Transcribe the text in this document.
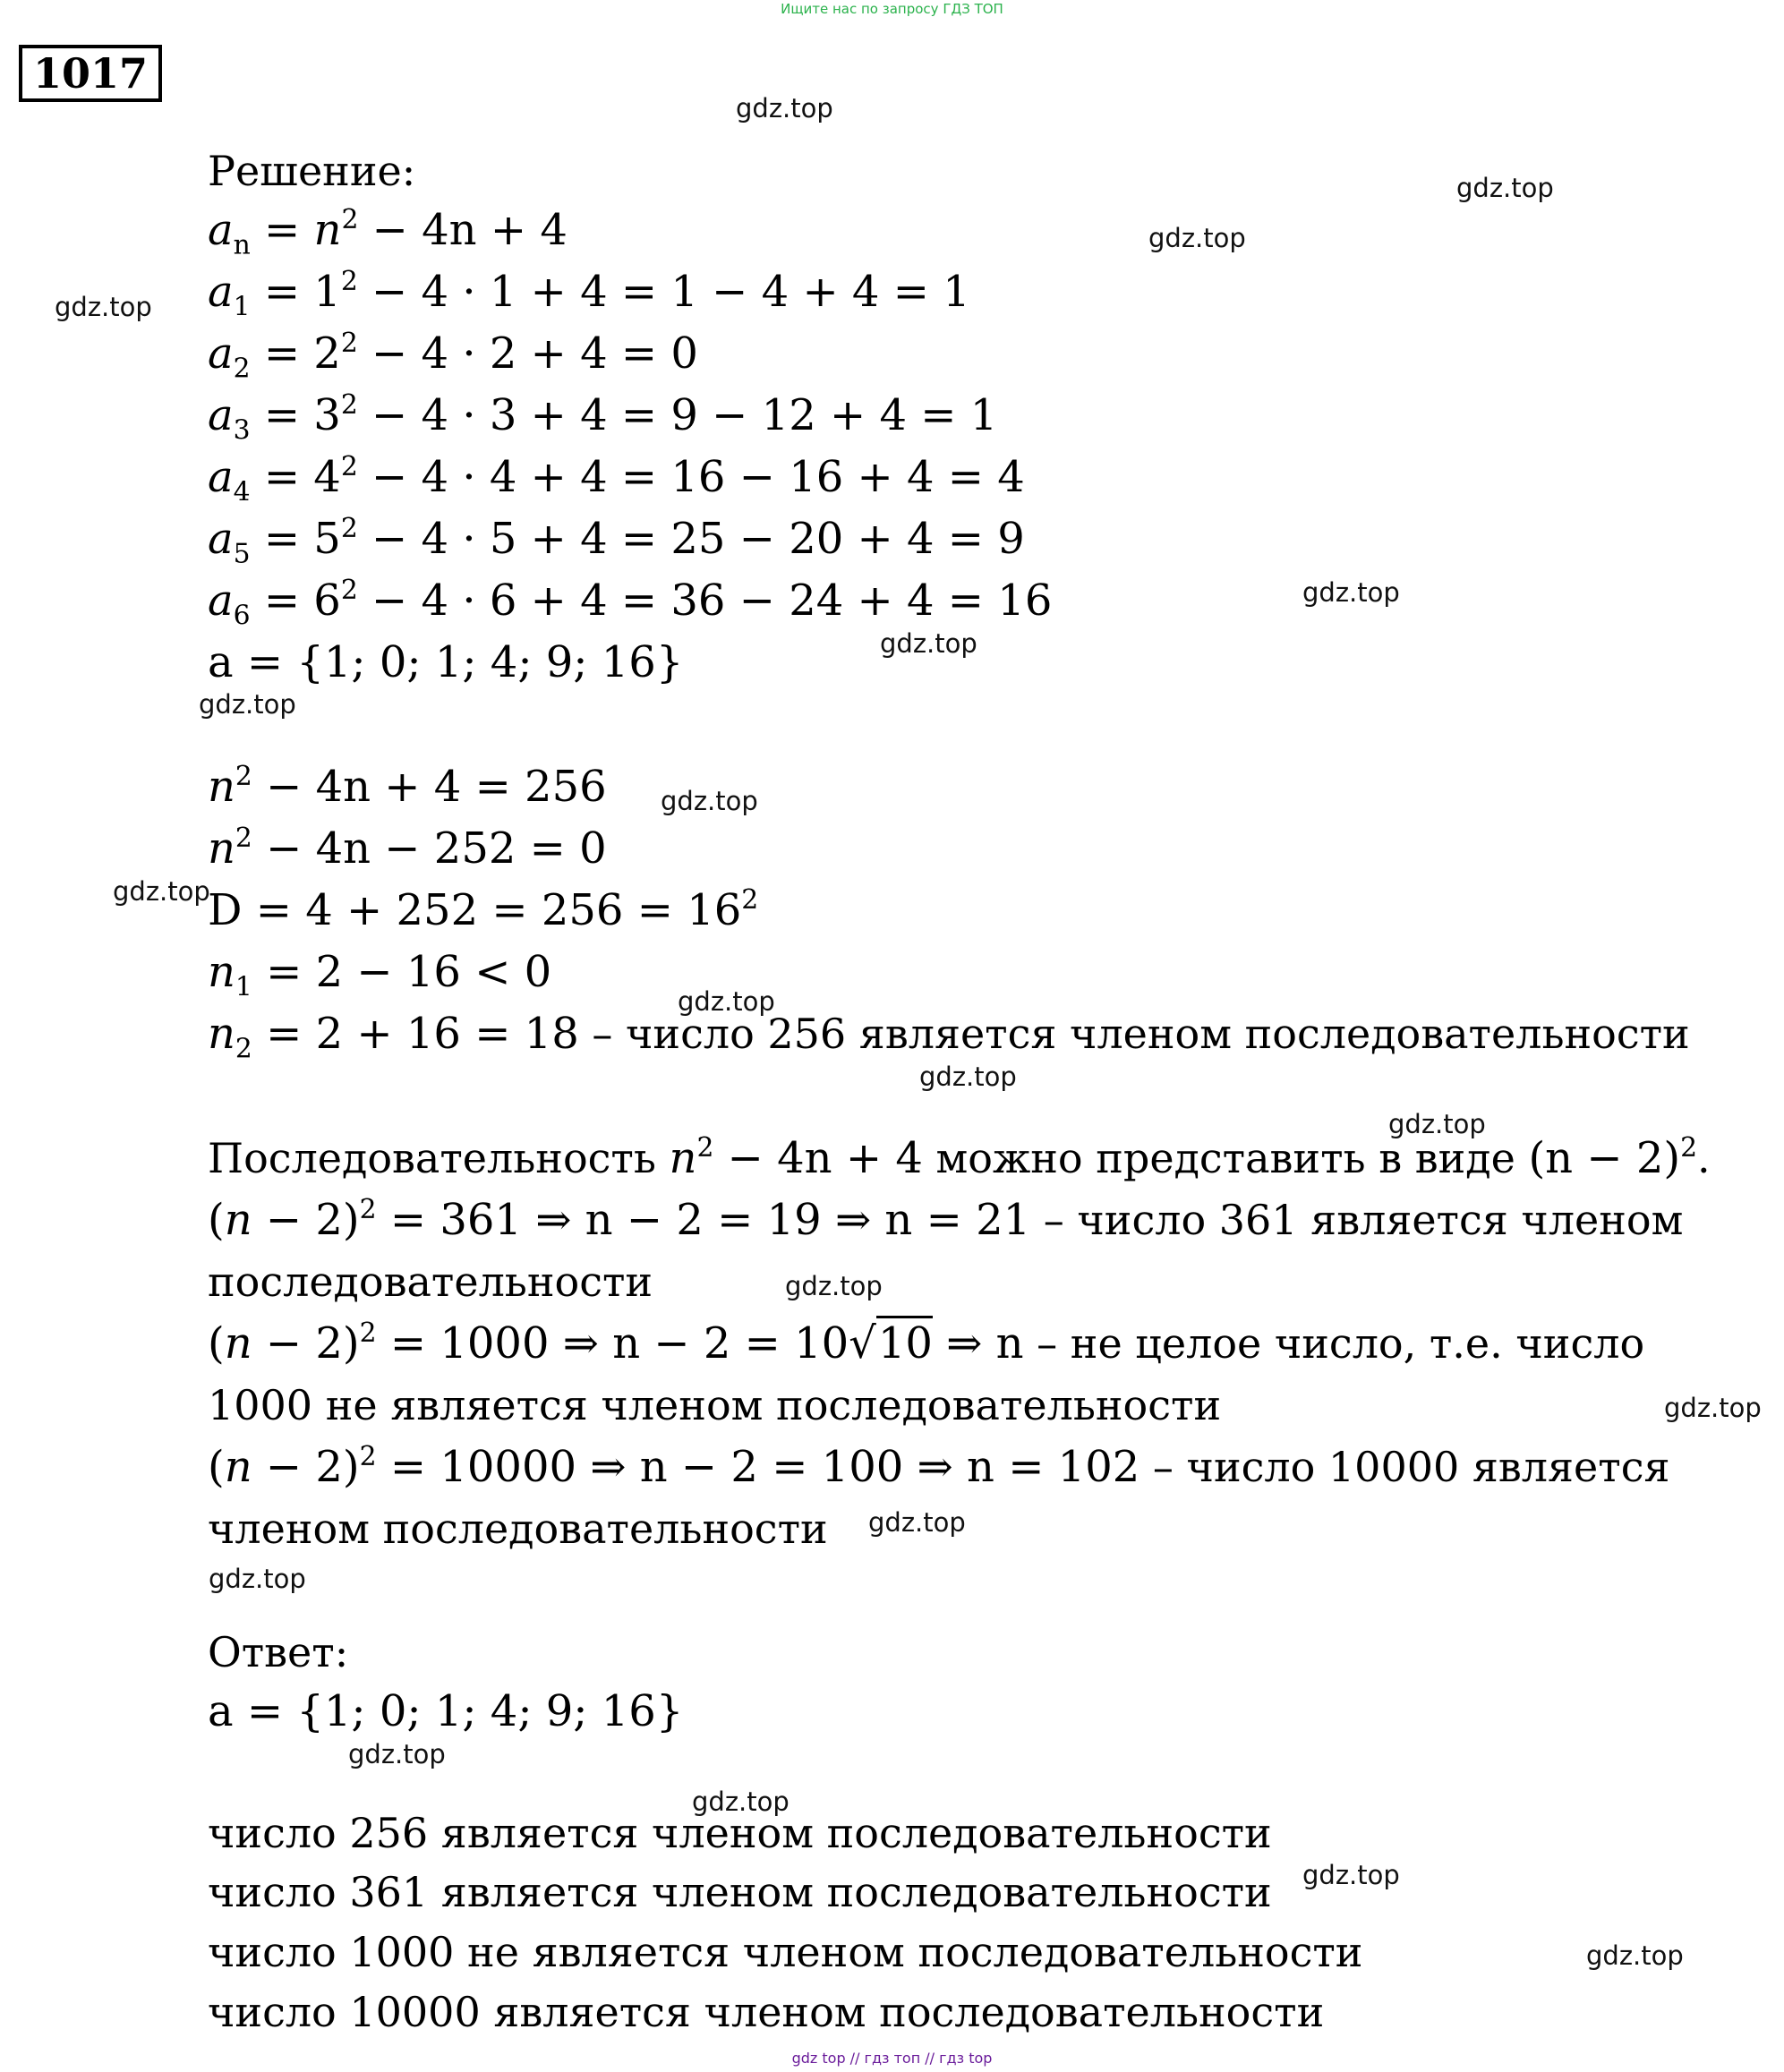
Ищите нас по запросу ГДЗ ТОП
1017
Решение:
$a_n = n^2 - 4n + 4$
$a_1 = 1^2 - 4 \cdot 1 + 4 = 1 - 4 + 4 = 1$
$a_2 = 2^2 - 4 \cdot 2 + 4 = 0$
$a_3 = 3^2 - 4 \cdot 3 + 4 = 9 - 12 + 4 = 1$
$a_4 = 4^2 - 4 \cdot 4 + 4 = 16 - 16 + 4 = 4$
$a_5 = 5^2 - 4 \cdot 5 + 4 = 25 - 20 + 4 = 9$
$a_6 = 6^2 - 4 \cdot 6 + 4 = 36 - 24 + 4 = 16$
a = {1; 0; 1; 4; 9; 16}
$n^2 - 4n + 4 = 256$
$n^2 - 4n - 252 = 0$
$D = 4 + 252 = 256 = 16^2$
$n_1 = 2 - 16 < 0$
$n_2 = 2 + 16 = 18$ – число 256 является членом последовательности
Последовательность $n^2 - 4n + 4$ можно представить в виде $(n - 2)^2$.
$(n - 2)^2 = 361$ ⇒ n − 2 = 19 ⇒ n = 21 – число 361 является членом
последовательности
$(n - 2)^2 = 1000$ ⇒ n − 2 = 10√10 ⇒ n – не целое число, т.е. число
1000 не является членом последовательности
$(n - 2)^2 = 10000$ ⇒ n − 2 = 100 ⇒ n = 102 – число 10000 является
членом последовательности
Ответ:
a = {1; 0; 1; 4; 9; 16}
число 256 является членом последовательности
число 361 является членом последовательности
число 1000 не является членом последовательности
число 10000 является членом последовательности
gdz.top
gdz.top
gdz.top
gdz.top
gdz.top
gdz.top
gdz.top
gdz.top
gdz.top
gdz.top
gdz.top
gdz.top
gdz.top
gdz.top
gdz.top
gdz.top
gdz.top
gdz.top
gdz.top
gdz.top
gdz top // гдз топ // гдз top
